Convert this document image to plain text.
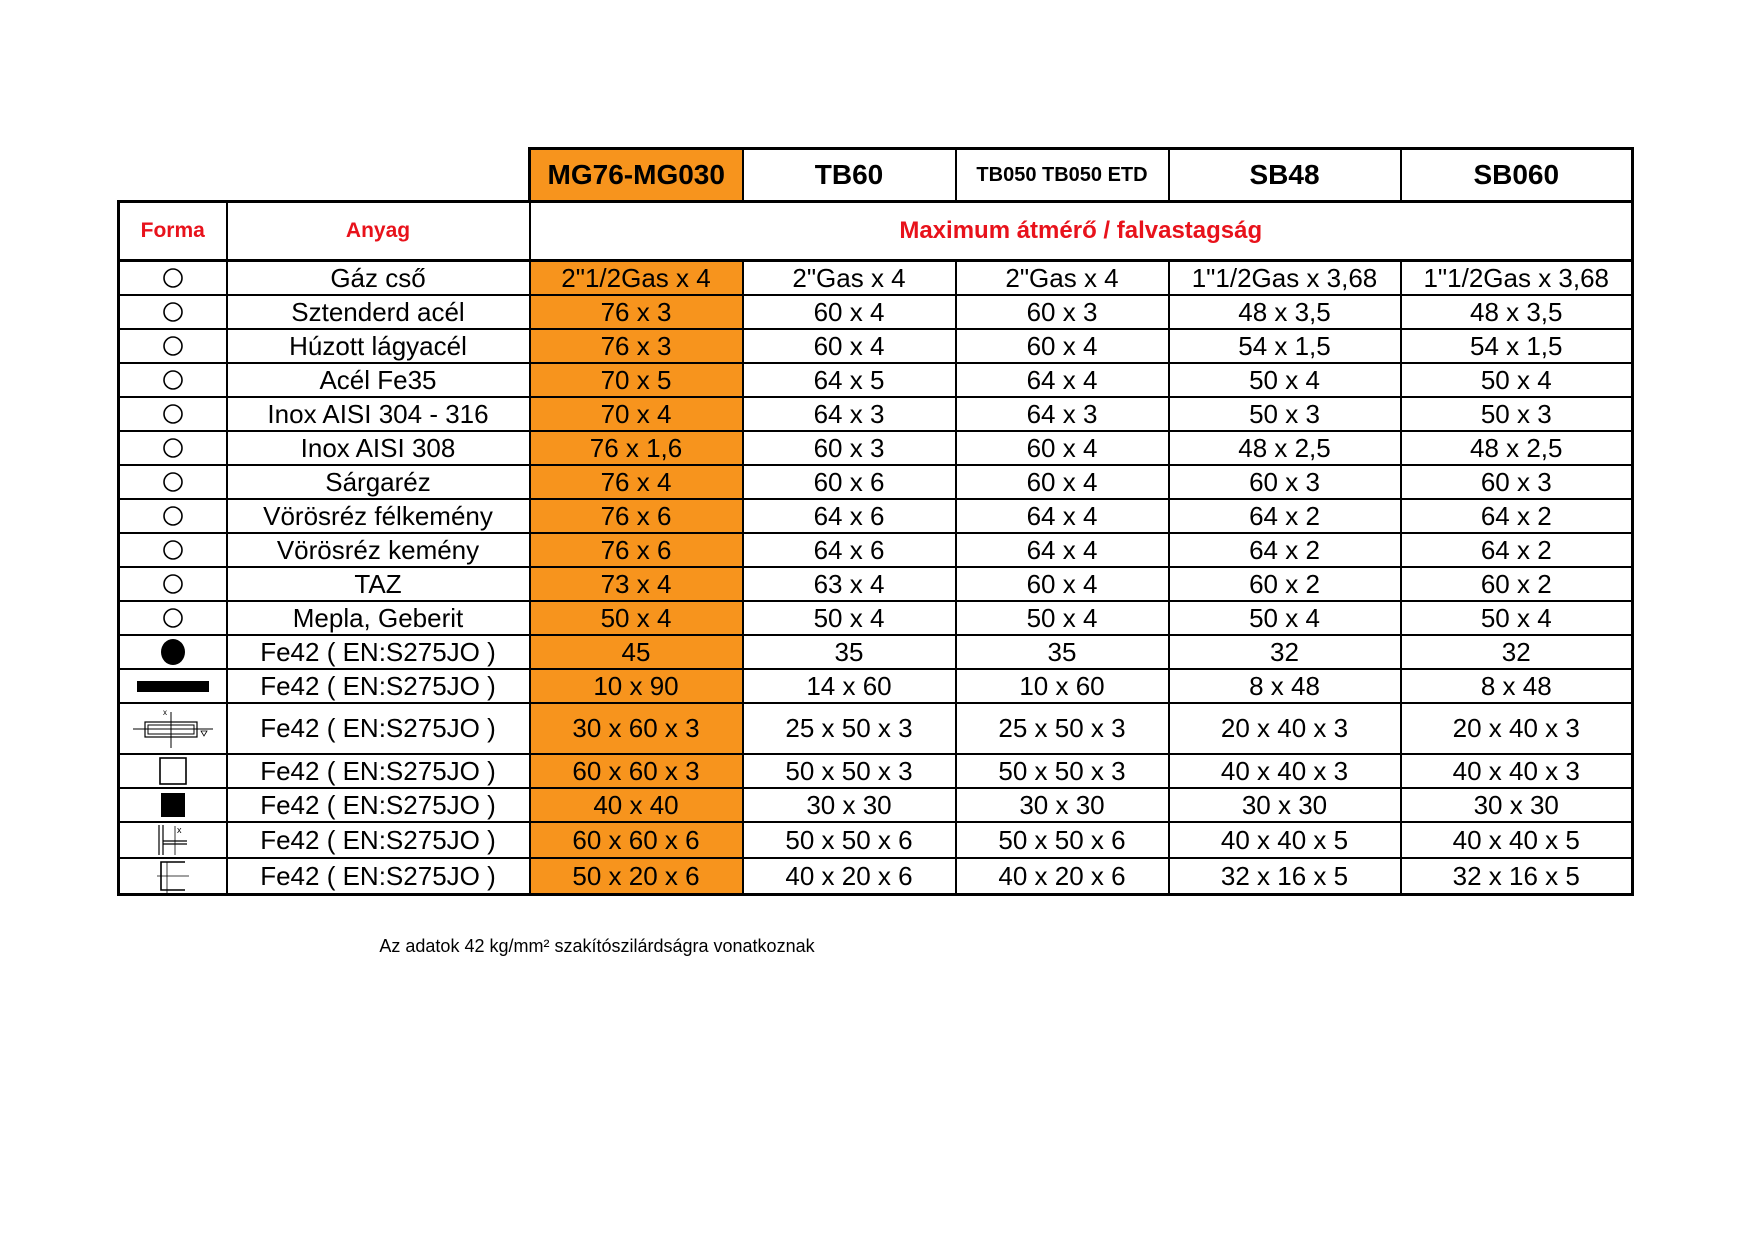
		MG76-MG030	TB60	TB050 TB050 ETD	SB48	SB060
Forma	Anyag	Maximum átmérő / falvastagság				

	Gáz cső	2"1/2Gas x 4	2"Gas x 4	2"Gas x 4	1"1/2Gas x 3,68	1"1/2Gas x 3,68

	Sztenderd acél	76 x 3	60 x 4	60 x 3	48 x 3,5	48 x 3,5

	Húzott lágyacél	76 x 3	60 x 4	60 x 4	54 x 1,5	54 x 1,5

	Acél Fe35	70 x 5	64 x 5	64 x 4	50 x 4	50 x 4

	Inox AISI 304 - 316	70 x 4	64 x 3	64 x 3	50 x 3	50 x 3

	Inox AISI 308	76 x 1,6	60 x 3	60 x 4	48 x 2,5	48 x 2,5

	Sárgaréz	76 x 4	60 x 6	60 x 4	60 x 3	60 x 3

	Vörösréz félkemény	76 x 6	64 x 6	64 x 4	64 x 2	64 x 2

	Vörösréz kemény	76 x 6	64 x 6	64 x 4	64 x 2	64 x 2

	TAZ	73 x 4	63 x 4	60 x 4	60 x 2	60 x 2

	Mepla, Geberit	50 x 4	50 x 4	50 x 4	50 x 4	50 x 4

	Fe42 ( EN:S275JO )	45	35	35	32	32

	Fe42 ( EN:S275JO )	10 x 90	14 x 60	10 x 60	8 x 48	8 x 48

x	Fe42 ( EN:S275JO )	30 x 60 x 3	25 x 50 x 3	25 x 50 x 3	20 x 40 x 3	20 x 40 x 3

	Fe42 ( EN:S275JO )	60 x 60 x 3	50 x 50 x 3	50 x 50 x 3	40 x 40 x 3	40 x 40 x 3

	Fe42 ( EN:S275JO )	40 x 40	30 x 30	30 x 30	30 x 30	30 x 30

x	Fe42 ( EN:S275JO )	60 x 60 x 6	50 x 50 x 6	50 x 50 x 6	40 x 40 x 5	40 x 40 x 5

	Fe42 ( EN:S275JO )	50 x 20 x 6	40 x 20 x 6	40 x 20 x 6	32 x 16 x 5	32 x 16 x 5
Az adatok 42 kg/mm² szakítószilárdságra vonatkoznak
